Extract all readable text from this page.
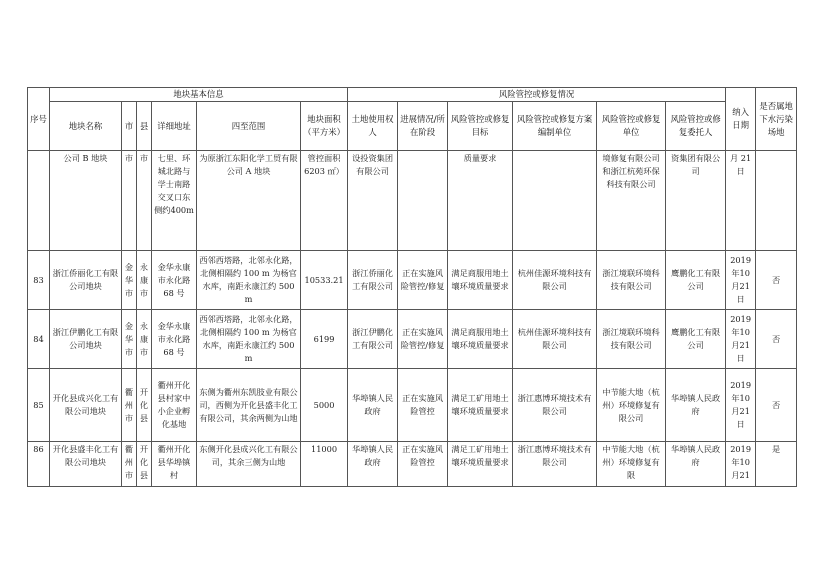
序号	地块基本信息						风险管控或修复情况						纳入日期	是否属地下水污染场地
	地块名称	市	县	详细地址	四至范围	地块面积（平方米）	土地使用权人	进展情况/所在阶段	风险管控或修复目标	风险管控或修复方案编制单位	风险管控或修复单位	风险管控或修复委托人		
	公司 B 地块	市	市	七里、环城北路与学士南路交叉口东侧约400m	为原浙江东阳化学工贸有限公司 A 地块	管控面积 6203 ㎡）	设投资集团有限公司		质量要求		境修复有限公司和浙江杭苑环保科技有限公司	资集团有限公司	月 21 日	
83	浙江侨丽化工有限公司地块	金华市	永康市	金华永康市永化路 68 号	西邻西塔路，北邻永化路，北侧相隔约 100 m 为杨官水库，南距永康江约 500 m	10533.21	浙江侨丽化工有限公司	正在实施风险管控/修复	满足商服用地土壤环境质量要求	杭州佳源环境科技有限公司	浙江境联环境科技有限公司	鹰鹏化工有限公司	2019年10月21日	否
84	浙江伊鹏化工有限公司地块	金华市	永康市	金华永康市永化路 68 号	西邻西塔路，北邻永化路，北侧相隔约 100 m 为杨官水库，南距永康江约 500 m	6199	浙江伊鹏化工有限公司	正在实施风险管控/修复	满足商服用地土壤环境质量要求	杭州佳源环境科技有限公司	浙江境联环境科技有限公司	鹰鹏化工有限公司	2019年10月21日	否
85	开化县成兴化工有限公司地块	衢州市	开化县	衢州开化县村家中小企业孵化基地	东侧为衢州东凯肢业有限公司，西侧为开化县盛丰化工有限公司，其余两侧为山地	5000	华埠镇人民政府	正在实施风险管控	满足工矿用地土壤环境质量要求	浙江惠博环境技术有限公司	中节能大地（杭州）环境修复有限公司	华埠镇人民政府	2019年10月21日	否
86	开化县盛丰化工有限公司地块	衢州市	开化县	衢州开化县华埠镇村	东侧开化县成兴化工有限公司，其余三侧为山地	11000	华埠镇人民政府	正在实施风险管控	满足工矿用地土壤环境质量要求	浙江惠博环境技术有限公司	中节能大地（杭州）环境修复有限	华埠镇人民政府	2019年10月21	是
